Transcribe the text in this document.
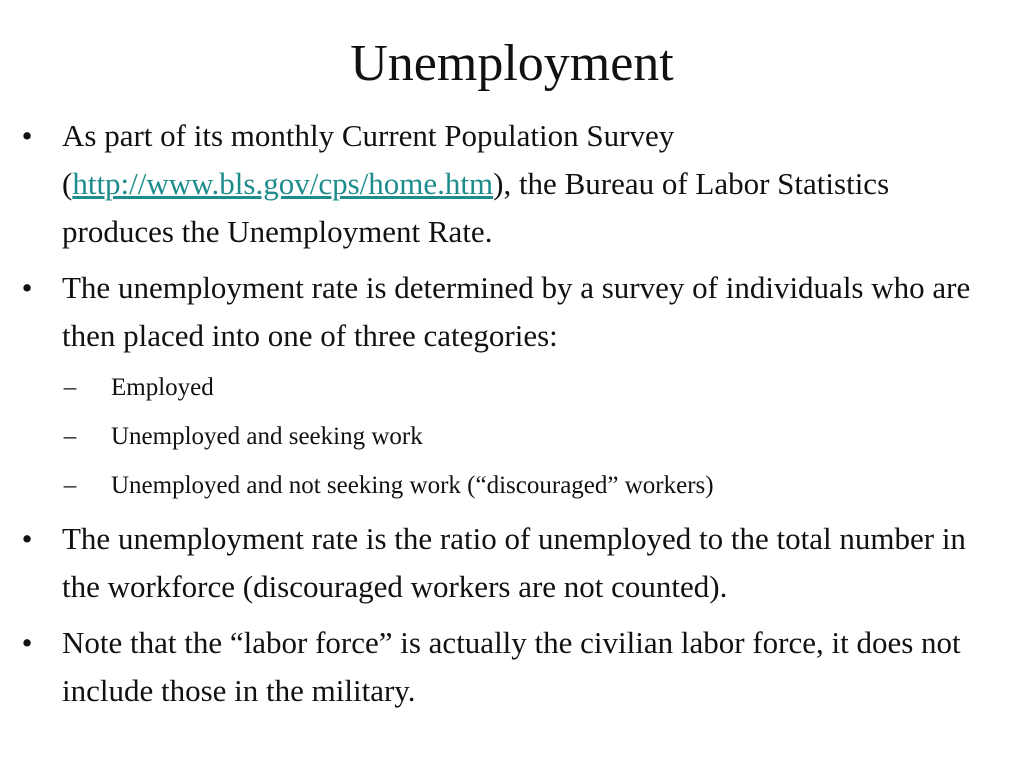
Unemployment
• As part of its monthly Current Population Survey (http://www.bls.gov/cps/home.htm), the Bureau of Labor Statistics produces the Unemployment Rate.
• The unemployment rate is determined by a survey of individuals who are then placed into one of three categories:
– Employed
– Unemployed and seeking work
– Unemployed and not seeking work (“discouraged” workers)
• The unemployment rate is the ratio of unemployed to the total number in the workforce (discouraged workers are not counted).
• Note that the “labor force” is actually the civilian labor force, it does not include those in the military.
